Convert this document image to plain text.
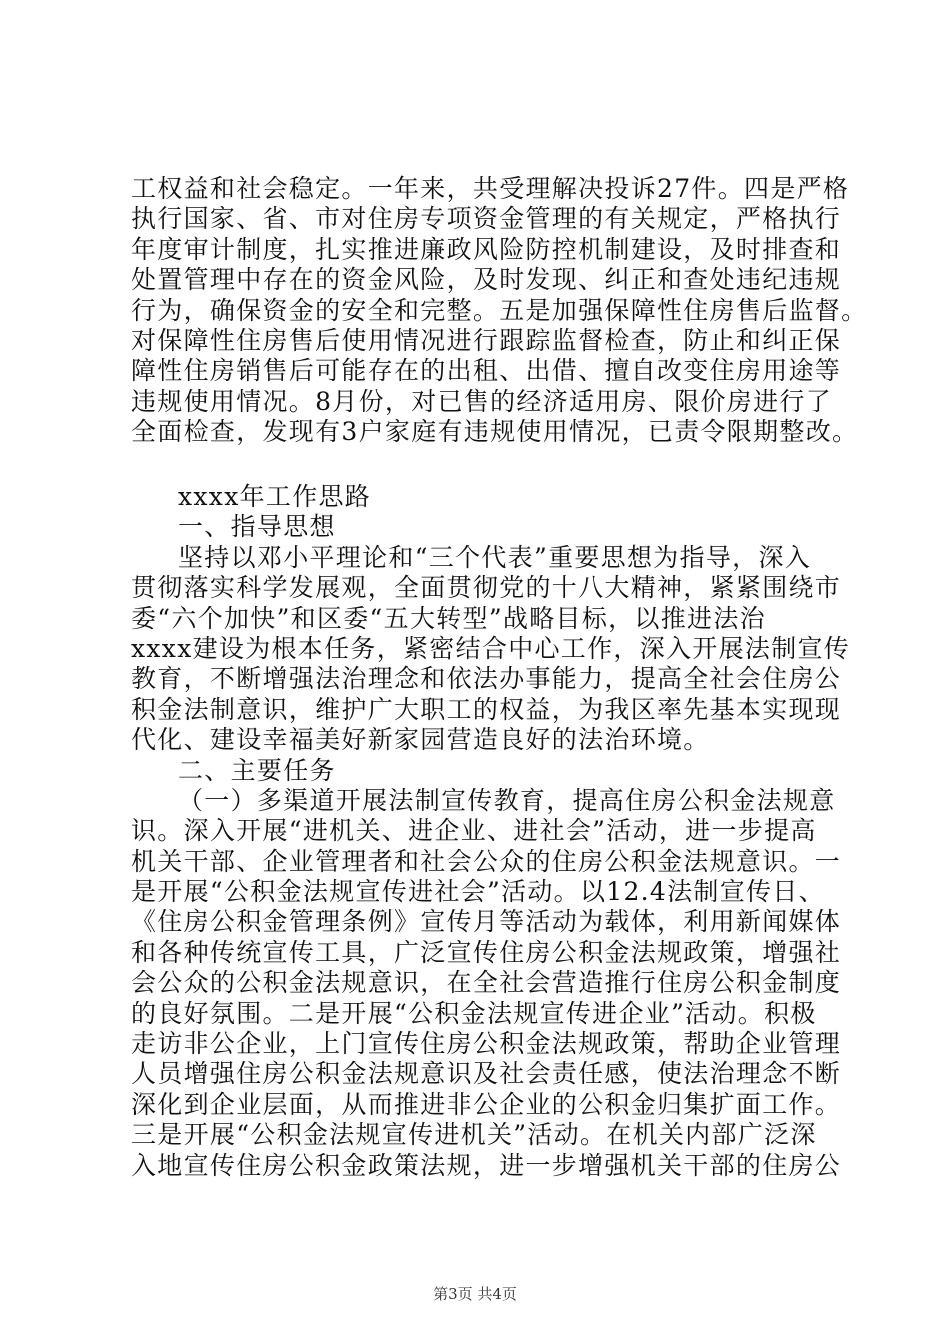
工权益和社会稳定。一年来，共受理解决投诉27件。四是严格
执行国家、省、市对住房专项资金管理的有关规定，严格执行
年度审计制度，扎实推进廉政风险防控机制建设，及时排查和
处置管理中存在的资金风险，及时发现、纠正和查处违纪违规
行为，确保资金的安全和完整。五是加强保障性住房售后监督。
对保障性住房售后使用情况进行跟踪监督检查，防止和纠正保
障性住房销售后可能存在的出租、出借、擅自改变住房用途等
违规使用情况。8月份，对已售的经济适用房、限价房进行了
全面检查，发现有3户家庭有违规使用情况，已责令限期整改。
xxxx年工作思路
一、指导思想
坚持以邓小平理论和“三个代表”重要思想为指导，深入
贯彻落实科学发展观，全面贯彻党的十八大精神，紧紧围绕市
委“六个加快”和区委“五大转型”战略目标，以推进法治
xxxx建设为根本任务，紧密结合中心工作，深入开展法制宣传
教育，不断增强法治理念和依法办事能力，提高全社会住房公
积金法制意识，维护广大职工的权益，为我区率先基本实现现
代化、建设幸福美好新家园营造良好的法治环境。
二、主要任务
（一）多渠道开展法制宣传教育，提高住房公积金法规意
识。深入开展“进机关、进企业、进社会”活动，进一步提高
机关干部、企业管理者和社会公众的住房公积金法规意识。一
是开展“公积金法规宣传进社会”活动。以12.4法制宣传日、
《住房公积金管理条例》宣传月等活动为载体，利用新闻媒体
和各种传统宣传工具，广泛宣传住房公积金法规政策，增强社
会公众的公积金法规意识，在全社会营造推行住房公积金制度
的良好氛围。二是开展“公积金法规宣传进企业”活动。积极
走访非公企业，上门宣传住房公积金法规政策，帮助企业管理
人员增强住房公积金法规意识及社会责任感，使法治理念不断
深化到企业层面，从而推进非公企业的公积金归集扩面工作。
三是开展“公积金法规宣传进机关”活动。在机关内部广泛深
入地宣传住房公积金政策法规，进一步增强机关干部的住房公
第3页 共4页
